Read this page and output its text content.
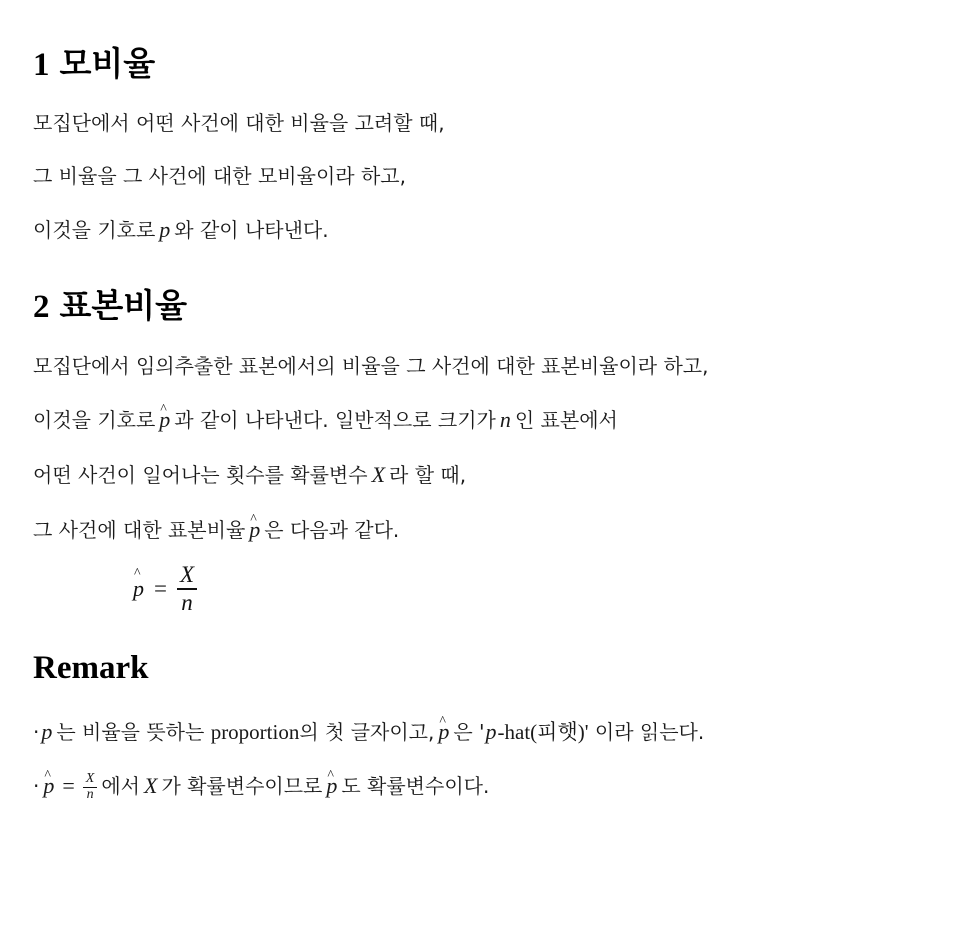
1 모비율
모집단에서 어떤 사건에 대한 비율을 고려할 때,
그 비율을 그 사건에 대한 모비율이라 하고,
이것을 기호로 p 와 같이 나타낸다.
2 표본비율
모집단에서 임의추출한 표본에서의 비율을 그 사건에 대한 표본비율이라 하고,
이것을 기호로 ^ p 과 같이 나타낸다. 일반적으로 크기가 n 인 표본에서
어떤 사건이 일어나는 횟수를 확률변수 X 라 할 때,
그 사건에 대한 표본비율 ^ p 은 다음과 같다.
^ $p = \frac{X}{n}$
Remark
·p 는 비율을 뜻하는 proportion의 첫 글자이고, ^ p 은 'p-hat(피햇)' 이라 읽는다.
· ^ $p = \frac{X}{n}$ 에서 X 가 확률변수이므로 ^ p 도 확률변수이다.
